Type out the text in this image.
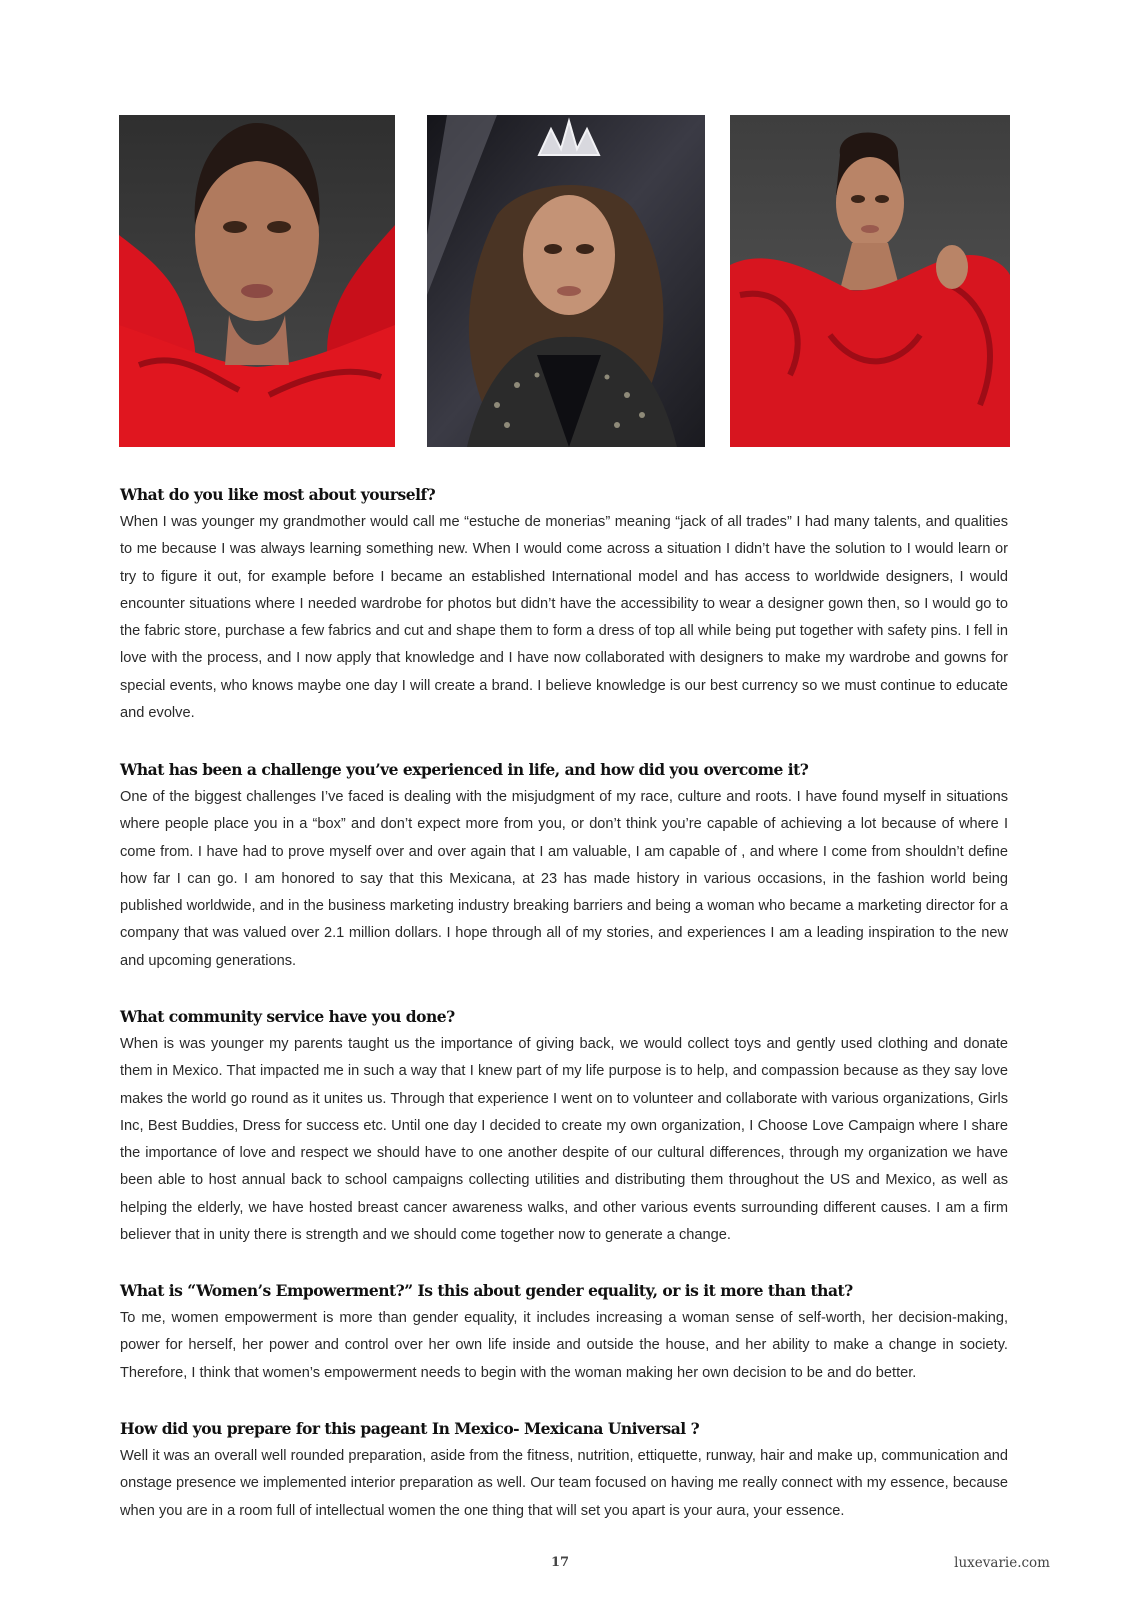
What do you like most about yourself?

When I was younger my grandmother would call me “estuche de monerias” meaning “jack of all trades” I had many talents, and qualities to me because I was always learning something new. When I would come across a situation I didn’t have the solution to I would learn or try to figure it out, for example before I became an established International model and has access to worldwide designers, I would encounter situations where I needed wardrobe for photos but didn’t have the accessibility to wear a designer gown then, so I would go to the fabric store, purchase a few fabrics and cut and shape them to form a dress of top all while being put together with safety pins. I fell in love with the process, and I now apply that knowledge and I have now collaborated with designers to make my wardrobe and gowns for special events, who knows maybe one day I will create a brand. I believe knowledge is our best currency so we must continue to educate and evolve.

What has been a challenge you’ve experienced in life, and how did you overcome it?

One of the biggest challenges I’ve faced is dealing with the misjudgment of my race, culture and roots. I have found myself in situations where people place you in a “box” and don’t expect more from you, or don’t think you’re capable of achieving a lot because of where I come from. I have had to prove myself over and over again that I am valuable, I am capable of , and where I come from shouldn’t define how far I can go. I am honored to say that this Mexicana, at 23 has made history in various occasions, in the fashion world being published worldwide, and in the business marketing industry breaking barriers and being a woman who became a marketing director for a company that was valued over 2.1 million dollars. I hope through all of my stories, and experiences I am a leading inspiration to the new and upcoming generations.

What community service have you done?

When is was younger my parents taught us the importance of giving back, we would collect toys and gently used clothing and donate them in Mexico. That impacted me in such a way that I knew part of my life purpose is to help, and compassion because as they say love makes the world go round as it unites us. Through that experience I went on to volunteer and collaborate with various organizations, Girls Inc, Best Buddies, Dress for success etc. Until one day I decided to create my own organization, I Choose Love Campaign where I share the importance of love and respect we should have to one another despite of our cultural differences, through my organization we have been able to host annual back to school campaigns collecting utilities and distributing them throughout the US and Mexico, as well as helping the elderly, we have hosted breast cancer awareness walks, and other various events surrounding different causes. I am a firm believer that in unity there is strength and we should come together now to generate a change.

What is “Women’s Empowerment?” Is this about gender equality, or is it more than that?

To me, women empowerment is more than gender equality, it includes increasing a woman sense of self-worth, her decision-making, power for herself, her power and control over her own life inside and outside the house, and her ability to make a change in society. Therefore, I think that women’s empowerment needs to begin with the woman making her own decision to be and do better.

How did you prepare for this pageant In Mexico- Mexicana Universal ?

Well it was an overall well rounded preparation, aside from the fitness, nutrition, ettiquette, runway, hair and make up, communication and onstage presence we implemented interior preparation as well. Our team focused on having me really connect with my essence, because when you are in a room full of intellectual women the one thing that will set you apart is your aura, your essence.

17	luxevarie.com
